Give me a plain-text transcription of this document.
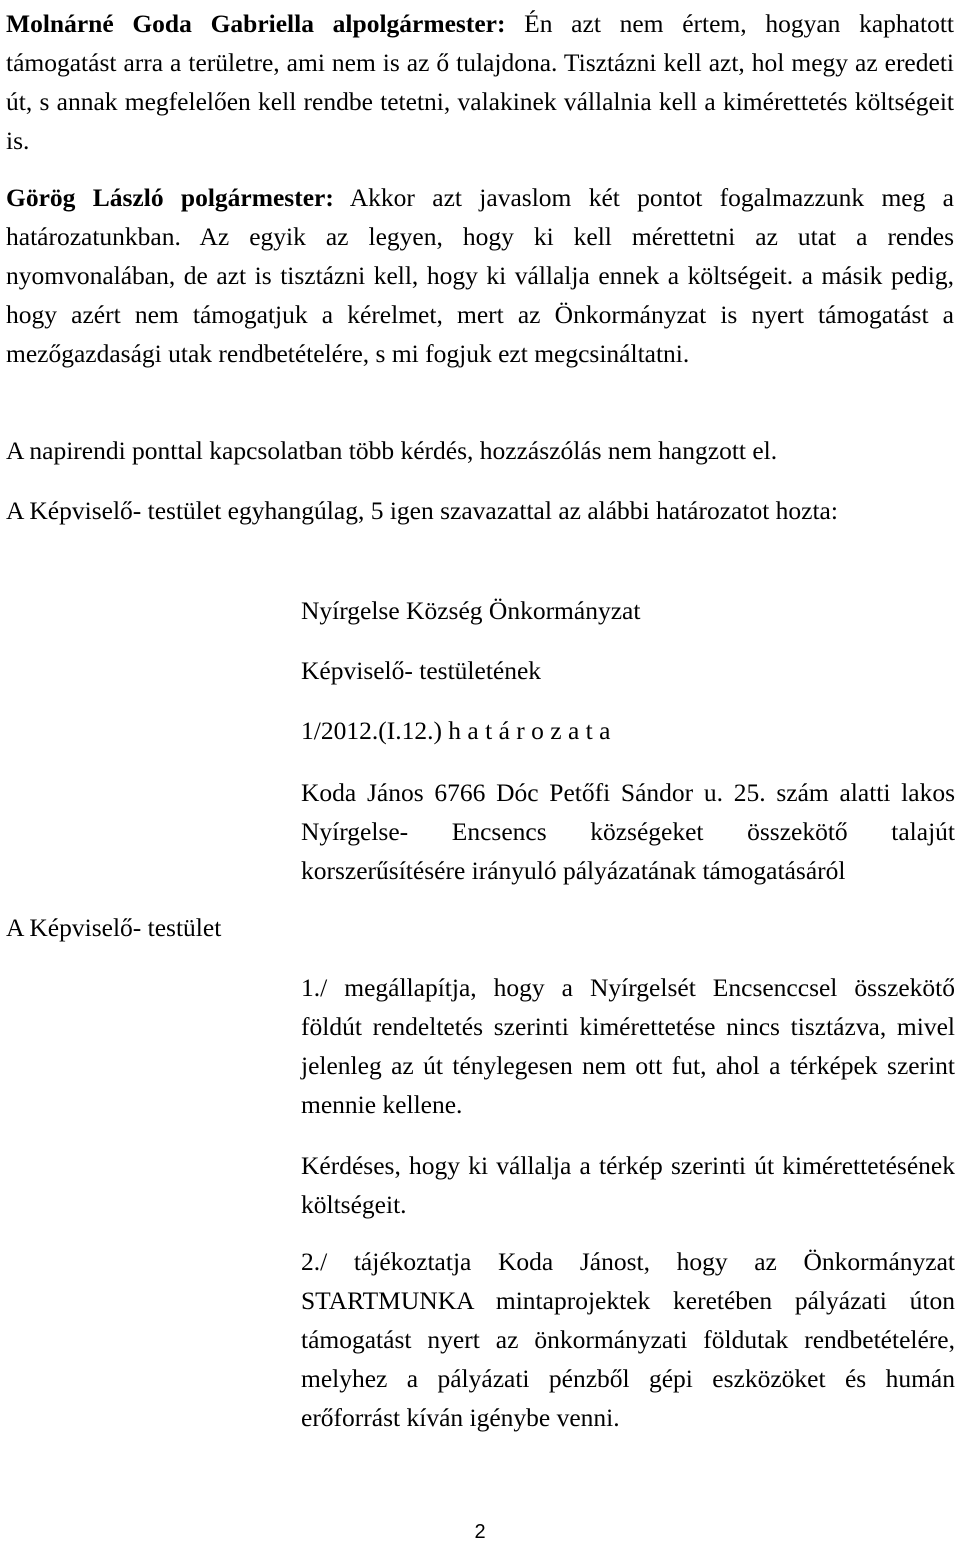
Molnárné Goda Gabriella alpolgármester: Én azt nem értem, hogyan kaphatott támogatást arra a területre, ami nem is az ő tulajdona. Tisztázni kell azt, hol megy az eredeti út, s annak megfelelően kell rendbe tetetni, valakinek vállalnia kell a kimérettetés költségeit is.

Görög László polgármester: Akkor azt javaslom két pontot fogalmazzunk meg a határozatunkban. Az egyik az legyen, hogy ki kell mérettetni az utat a rendes nyomvonalában, de azt is tisztázni kell, hogy ki vállalja ennek a költségeit. a másik pedig, hogy azért nem támogatjuk a kérelmet, mert az Önkormányzat is nyert támogatást a mezőgazdasági utak rendbetételére, s mi fogjuk ezt megcsináltatni.

A napirendi ponttal kapcsolatban több kérdés, hozzászólás nem hangzott el.

A Képviselő- testület egyhangúlag, 5 igen szavazattal az alábbi határozatot hozta:

Nyírgelse Község Önkormányzat

Képviselő- testületének

1/2012.(I.12.) h a t á r o z a t a

Koda János 6766 Dóc Petőfi Sándor u. 25. szám alatti lakos Nyírgelse- Encsencs községeket összekötő talajút korszerűsítésére irányuló pályázatának támogatásáról

1./ megállapítja, hogy a Nyírgelsét Encsenccsel összekötő földút rendeltetés szerinti kimérettetése nincs tisztázva, mivel jelenleg az út ténylegesen nem ott fut, ahol a térképek szerint mennie kellene.

Kérdéses, hogy ki vállalja a térkép szerinti út kimérettetésének költségeit.

2./ tájékoztatja Koda Jánost, hogy az Önkormányzat STARTMUNKA mintaprojektek keretében pályázati úton támogatást nyert az önkormányzati földutak rendbetételére, melyhez a pályázati pénzből gépi eszközöket és humán erőforrást kíván igénybe venni.

A Képviselő- testület

2
